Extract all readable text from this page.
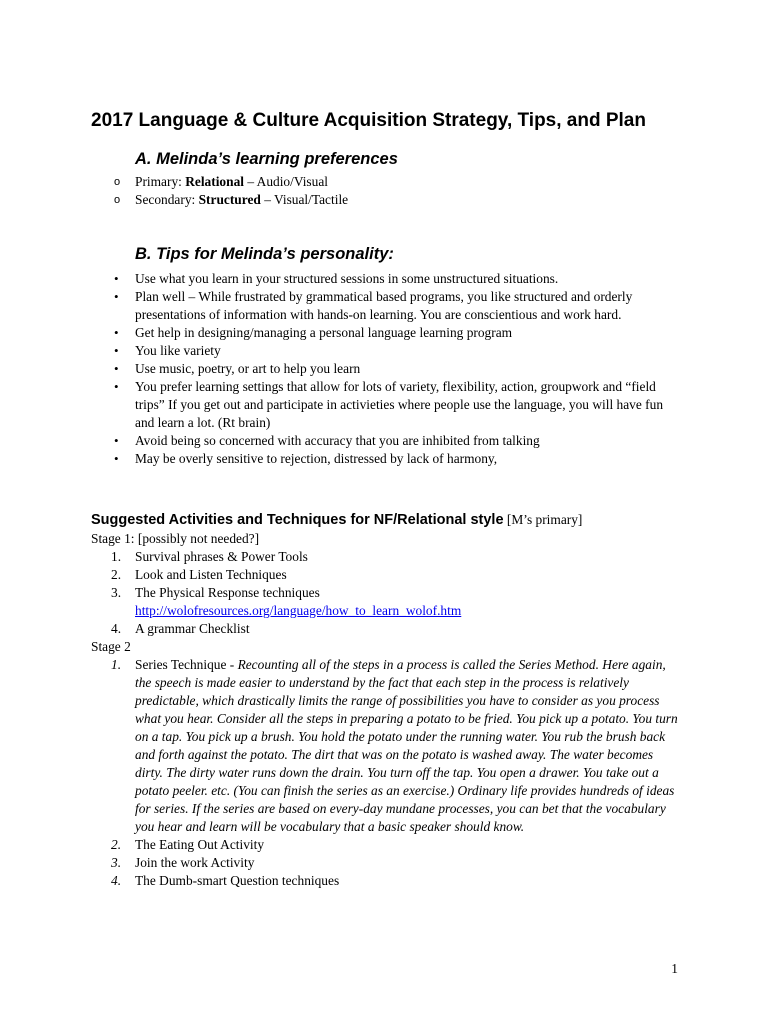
2017 Language & Culture Acquisition Strategy, Tips, and Plan
A. Melinda’s learning preferences
o Primary: Relational – Audio/Visual
o Secondary: Structured – Visual/Tactile
B. Tips for Melinda’s personality:
• Use what you learn in your structured sessions in some unstructured situations.
• Plan well – While frustrated by grammatical based programs, you like structured and orderly presentations of information with hands-on learning. You are conscientious and work hard.
• Get help in designing/managing a personal language learning program
• You like variety
• Use music, poetry, or art to help you learn
• You prefer learning settings that allow for lots of variety, flexibility, action, groupwork and “field trips” If you get out and participate in activieties where people use the language, you will have fun and learn a lot. (Rt brain)
• Avoid being so concerned with accuracy that you are inhibited from talking
• May be overly sensitive to rejection, distressed by lack of harmony,
Suggested Activities and Techniques for NF/Relational style [M’s primary]
Stage 1: [possibly not needed?]
1. Survival phrases & Power Tools
2. Look and Listen Techniques
3. The Physical Response techniques
http://wolofresources.org/language/how_to_learn_wolof.htm
4. A grammar Checklist
Stage 2
1. Series Technique - Recounting all of the steps in a process is called the Series Method. Here again, the speech is made easier to understand by the fact that each step in the process is relatively predictable, which drastically limits the range of possibilities you have to consider as you process what you hear. Consider all the steps in preparing a potato to be fried. You pick up a potato. You turn on a tap. You pick up a brush. You hold the potato under the running water. You rub the brush back and forth against the potato. The dirt that was on the potato is washed away. The water becomes dirty. The dirty water runs down the drain. You turn off the tap. You open a drawer. You take out a potato peeler. etc. (You can finish the series as an exercise.) Ordinary life provides hundreds of ideas for series. If the series are based on every-day mundane processes, you can bet that the vocabulary you hear and learn will be vocabulary that a basic speaker should know.
2. The Eating Out Activity
3. Join the work Activity
4. The Dumb-smart Question techniques
1
